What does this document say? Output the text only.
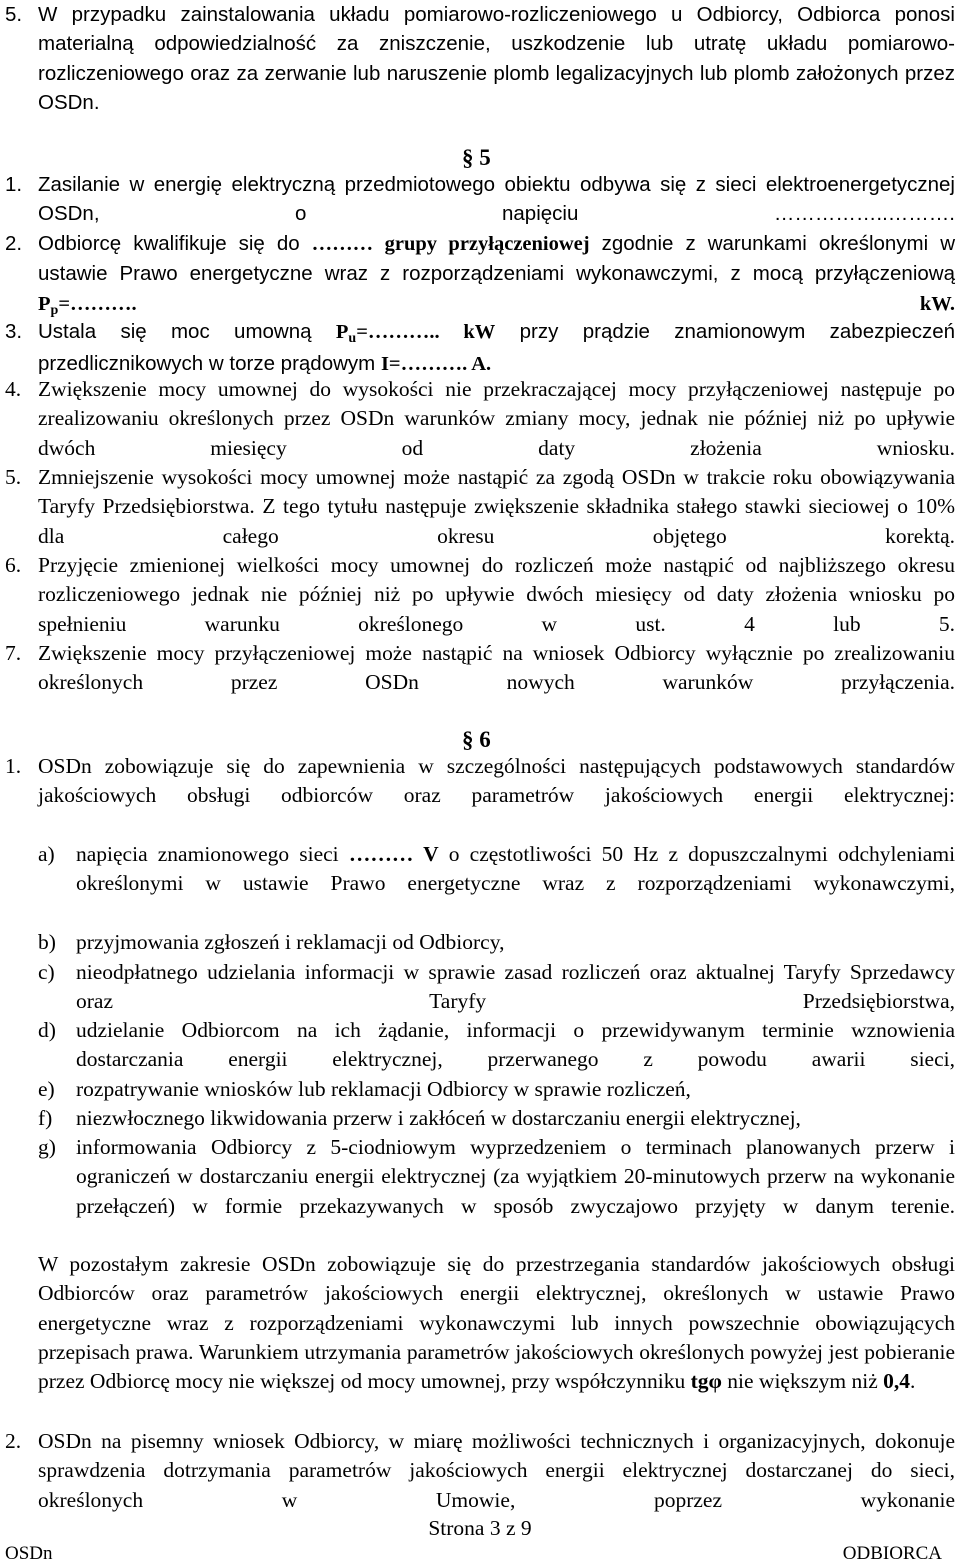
5. W przypadku zainstalowania układu pomiarowo-rozliczeniowego u Odbiorcy, Odbiorca ponosi materialną odpowiedzialność za zniszczenie, uszkodzenie lub utratę układu pomiarowo-rozliczeniowego oraz za zerwanie lub naruszenie plomb legalizacyjnych lub plomb założonych przez OSDn.
§ 5
1. Zasilanie w energię elektryczną przedmiotowego obiektu odbywa się z sieci elektroenergetycznej OSDn, o napięciu ……………..……….
2. Odbiorcę kwalifikuje się do ……… grupy przyłączeniowej zgodnie z warunkami określonymi w ustawie Prawo energetyczne wraz z rozporządzeniami wykonawczymi, z mocą przyłączeniową Pp=………. kW.
3. Ustala się moc umowną Pu=……….. kW przy prądzie znamionowym zabezpieczeń przedlicznikowych w torze prądowym I=………. A.
4. Zwiększenie mocy umownej do wysokości nie przekraczającej mocy przyłączeniowej następuje po zrealizowaniu określonych przez OSDn warunków zmiany mocy, jednak nie później niż po upływie dwóch miesięcy od daty złożenia wniosku.
5. Zmniejszenie wysokości mocy umownej może nastąpić za zgodą OSDn w trakcie roku obowiązywania Taryfy Przedsiębiorstwa. Z tego tytułu następuje zwiększenie składnika stałego stawki sieciowej o 10% dla całego okresu objętego korektą.
6. Przyjęcie zmienionej wielkości mocy umownej do rozliczeń może nastąpić od najbliższego okresu rozliczeniowego jednak nie później niż po upływie dwóch miesięcy od daty złożenia wniosku po spełnieniu warunku określonego w ust. 4 lub 5.
7. Zwiększenie mocy przyłączeniowej może nastąpić na wniosek Odbiorcy wyłącznie po zrealizowaniu określonych przez OSDn nowych warunków przyłączenia.
§ 6
1. OSDn zobowiązuje się do zapewnienia w szczególności następujących podstawowych standardów jakościowych obsługi odbiorców oraz parametrów jakościowych energii elektrycznej:
a) napięcia znamionowego sieci ……… V o częstotliwości 50 Hz z dopuszczalnymi odchyleniami określonymi w ustawie Prawo energetyczne wraz z rozporządzeniami wykonawczymi,
b) przyjmowania zgłoszeń i reklamacji od Odbiorcy,
c) nieodpłatnego udzielania informacji w sprawie zasad rozliczeń oraz aktualnej Taryfy Sprzedawcy oraz Taryfy Przedsiębiorstwa,
d) udzielanie Odbiorcom na ich żądanie, informacji o przewidywanym terminie wznowienia dostarczania energii elektrycznej, przerwanego z powodu awarii sieci,
e) rozpatrywanie wniosków lub reklamacji Odbiorcy w sprawie rozliczeń,
f) niezwłocznego likwidowania przerw i zakłóceń w dostarczaniu energii elektrycznej,
g) informowania Odbiorcy z 5-ciodniowym wyprzedzeniem o terminach planowanych przerw i ograniczeń w dostarczaniu energii elektrycznej (za wyjątkiem 20-minutowych przerw na wykonanie przełączeń) w formie przekazywanych w sposób zwyczajowo przyjęty w danym terenie.
W pozostałym zakresie OSDn zobowiązuje się do przestrzegania standardów jakościowych obsługi Odbiorców oraz parametrów jakościowych energii elektrycznej, określonych w ustawie Prawo energetyczne wraz z rozporządzeniami wykonawczymi lub innych powszechnie obowiązujących przepisach prawa. Warunkiem utrzymania parametrów jakościowych określonych powyżej jest pobieranie przez Odbiorcę mocy nie większej od mocy umownej, przy współczynniku tgφ nie większym niż 0,4.
2. OSDn na pisemny wniosek Odbiorcy, w miarę możliwości technicznych i organizacyjnych, dokonuje sprawdzenia dotrzymania parametrów jakościowych energii elektrycznej dostarczanej do sieci, określonych w Umowie, poprzez wykonanie
Strona 3 z 9
OSDn	ODBIORCA
